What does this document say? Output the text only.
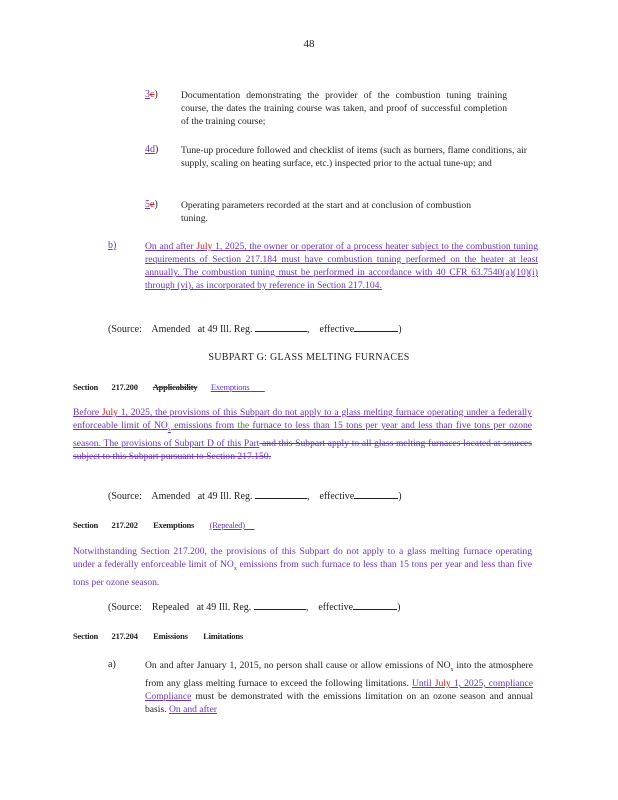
48
3c) Documentation demonstrating the provider of the combustion tuning training course, the dates the training course was taken, and proof of successful completion of the training course;
4d) Tune-up procedure followed and checklist of items (such as burners, flame conditions, air supply, scaling on heating surface, etc.) inspected prior to the actual tune-up; and
5e) Operating parameters recorded at the start and at conclusion of combustion tuning.
b)	On and after July 1, 2025, the owner or operator of a process heater subject to the combustion tuning requirements of Section 217.184 must have combustion tuning performed on the heater at least annually. The combustion tuning must be performed in accordance with 40 CFR 63.7540(a)(10)(i) through (vi), as incorporated by reference in Section 217.104.
(Source: Amended at 49 Ill. Reg.	,    effective	)
SUBPART G: GLASS MELTING FURNACES
Section 217.200 Applicability Exemptions
Before July 1, 2025, the provisions of this Subpart do not apply to a glass melting furnace operating under a federally enforceable limit of $NO_x$ emissions from the furnace to less than 15 tons per year and less than five tons per ozone season. The provisions of Subpart D of this Part and this Subpart apply to all glass melting furnaces located at sources subject to this Subpart pursuant to Section 217.150.
(Source: Amended at 49 Ill. Reg.	,    effective	)
Section 217.202 Exemptions (Repealed)
Notwithstanding Section 217.200, the provisions of this Subpart do not apply to a glass melting furnace operating under a federally enforceable limit of $NO_x$ emissions from such furnace to less than 15 tons per year and less than five tons per ozone season.
(Source: Repealed at 49 Ill. Reg.	,    effective	)
Section 217.204 Emissions Limitations
a)	On and after January 1, 2015, no person shall cause or allow emissions of $NO_x$ into the atmosphere from any glass melting furnace to exceed the following limitations. Until July 1, 2025, compliance Compliance must be demonstrated with the emissions limitation on an ozone season and annual basis. On and after
